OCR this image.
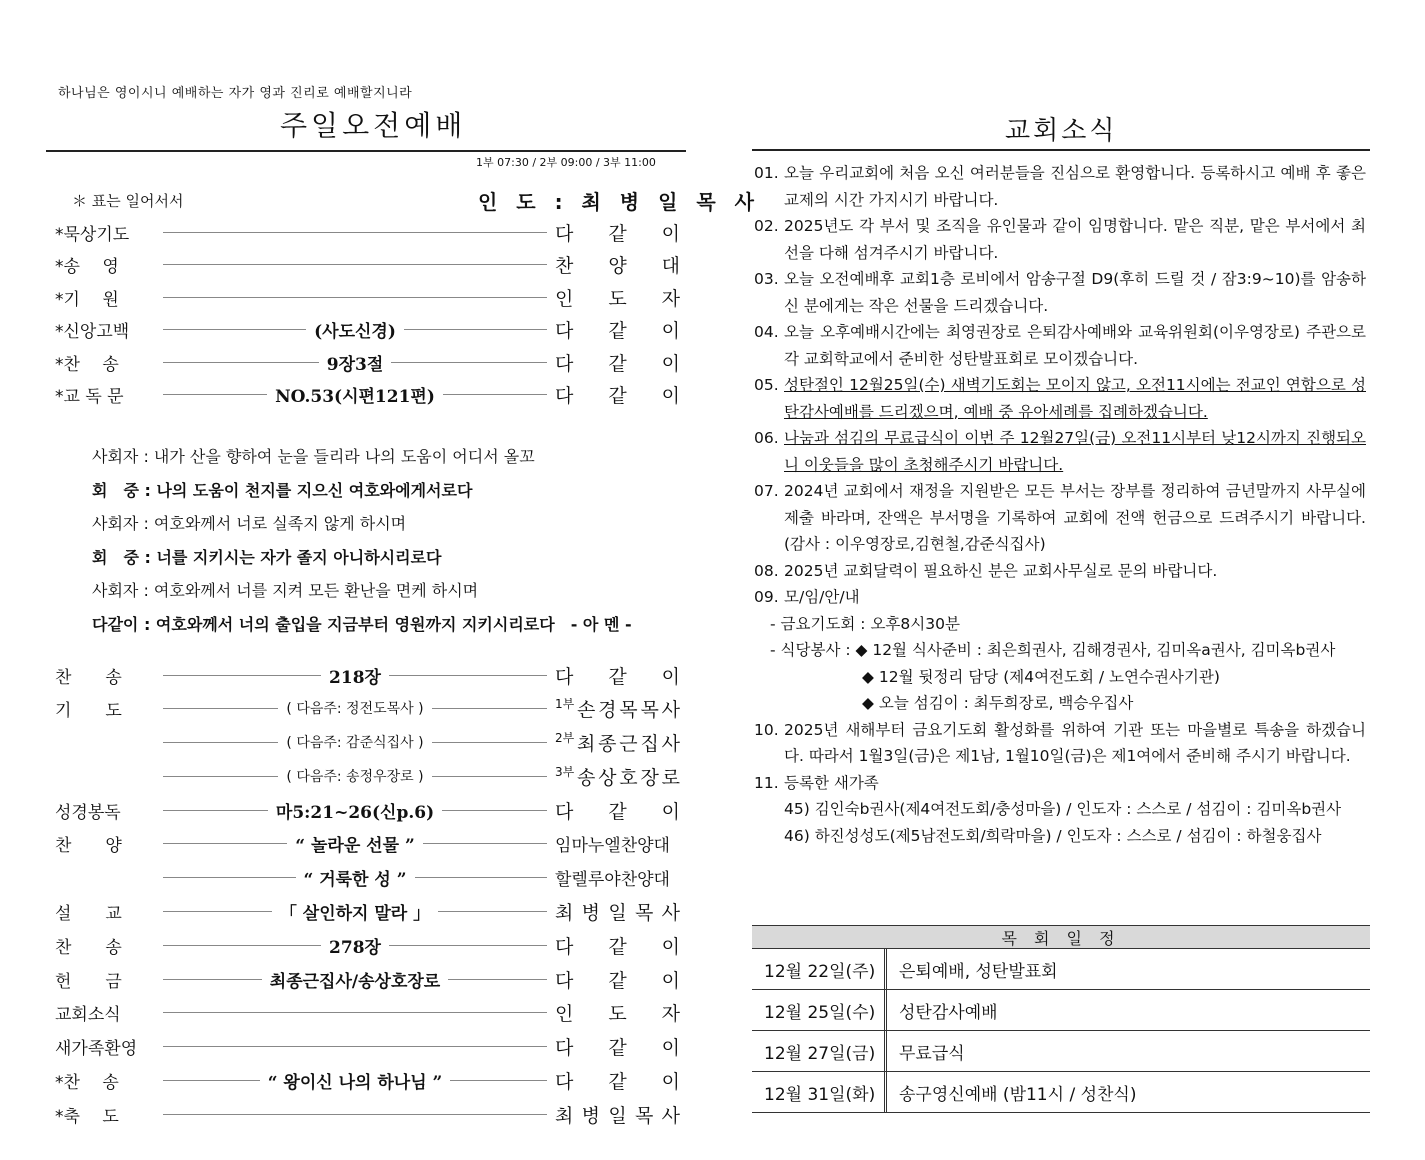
하나님은 영이시니 예배하는 자가 영과 진리로 예배할지니라
주일오전예배
1부 07:30 / 2부 09:00 / 3부 11:00
＊ 표는 일어서서	인 도 : 최 병 일 목 사
교회소식
01. 오늘 우리교회에 처음 오신 여러분들을 진심으로 환영합니다. 등록하시고 예배 후 좋은 교제의 시간 가지시기 바랍니다.
02. 2025년도 각 부서 및 조직을 유인물과 같이 임명합니다. 맡은 직분, 맡은 부서에서 최선을 다해 섬겨주시기 바랍니다.
03. 오늘 오전예배후 교회1층 로비에서 암송구절 D9(후히 드릴 것 / 잠3:9~10)를 암송하신 분에게는 작은 선물을 드리겠습니다.
04. 오늘 오후예배시간에는 최영권장로 은퇴감사예배와 교육위원회(이우영장로) 주관으로 각 교회학교에서 준비한 성탄발표회로 모이겠습니다.
05. 성탄절인 12월25일(수) 새벽기도회는 모이지 않고, 오전11시에는 전교인 연합으로 성탄감사예배를 드리겠으며, 예배 중 유아세례를 집례하겠습니다.
06. 나눔과 섬김의 무료급식이 이번 주 12월27일(금) 오전11시부터 낮12시까지 진행되오니 이웃들을 많이 초청해주시기 바랍니다.
07. 2024년 교회에서 재정을 지원받은 모든 부서는 장부를 정리하여 금년말까지 사무실에 제출 바라며, 잔액은 부서명을 기록하여 교회에 전액 헌금으로 드려주시기 바랍니다. (감사 : 이우영장로,김현철,감준식집사)
08. 2025년 교회달력이 필요하신 분은 교회사무실로 문의 바랍니다.
09. 모/임/안/내
- 금요기도회 : 오후8시30분
- 식당봉사 : ◆ 12월 식사준비 : 최은희권사, 김해경권사, 김미옥a권사, 김미옥b권사
◆ 12월 뒷정리 담당 (제4여전도회 / 노연수권사기관)
◆ 오늘 섬김이 : 최두희장로, 백승우집사
10. 2025년 새해부터 금요기도회 활성화를 위하여 기관 또는 마을별로 특송을 하겠습니다. 따라서 1월3일(금)은 제1남, 1월10일(금)은 제1여에서 준비해 주시기 바랍니다.
11. 등록한 새가족
45) 김인숙b권사(제4여전도회/충성마을) / 인도자 : 스스로 / 섬김이 : 김미옥b권사
46) 하진성성도(제5남전도회/희락마을) / 인도자 : 스스로 / 섬김이 : 하철웅집사
목 회 일 정
12월 22일(주)	은퇴예배, 성탄발표회
12월 25일(수)	성탄감사예배
12월 27일(금)	무료급식
12월 31일(화)	송구영신예배 (밤11시 / 성찬식)
*묵상기도	다 같 이
*송　 영	찬 양 대
*기　 원	인 도 자
*신앙고백	(사도신경)	다 같 이
*찬　 송	9장3절	다 같 이
*교 독 문	NO.53(시편121편)	다 같 이
사회자 : 내가 산을 향하여 눈을 들리라 나의 도움이 어디서 올꼬
회　중 : 나의 도움이 천지를 지으신 여호와에게서로다
사회자 : 여호와께서 너로 실족지 않게 하시며
회　중 : 너를 지키시는 자가 졸지 아니하시리로다
사회자 : 여호와께서 너를 지켜 모든 환난을 면케 하시며
다같이 : 여호와께서 너의 출입을 지금부터 영원까지 지키시리로다　- 아 멘 -
찬　　송	218장	다 같 이
기　　도	( 다음주: 정전도목사 )	1부 손 경 목 목 사
( 다음주: 감준식집사 )	2부 최 종 근 집 사
( 다음주: 송정우장로 )	3부 송 상 호 장 로
성경봉독	마5:21~26(신p.6)	다 같 이
찬　　양	“ 놀라운 선물 ”	임마누엘찬양대
“ 거룩한 성 ”	할렐루야찬양대
설　　교	「 살인하지 말라 」	최 병 일 목 사
찬　　송	278장	다 같 이
헌　　금	최종근집사/송상호장로	다 같 이
교회소식	인 도 자
새가족환영	다 같 이
*찬　 송	“ 왕이신 나의 하나님 ”	다 같 이
*축　 도	최 병 일 목 사
